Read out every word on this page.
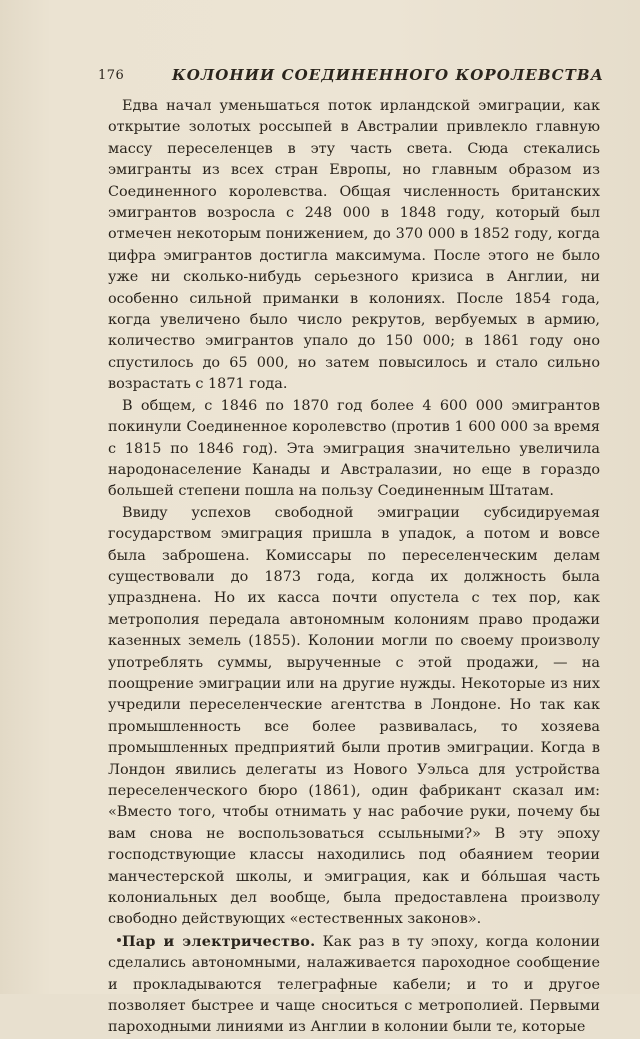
176	КОЛОНИИ СОЕДИНЕННОГО КОРОЛЕВСТВА

Едва начал уменьшаться поток ирландской эмиграции, как открытие золотых россыпей в Австралии привлекло главную массу переселенцев в эту часть света. Сюда стекались эмигранты из всех стран Европы, но главным образом из Соединенного королевства. Общая численность британских эмигрантов возросла с 248 000 в 1848 году, который был отмечен некоторым понижением, до 370 000 в 1852 году, когда цифра эмигрантов достигла максимума. После этого не было уже ни сколько-нибудь серьезного кризиса в Англии, ни особенно сильной приманки в колониях. После 1854 года, когда увеличено было число рекрутов, вербуемых в армию, количество эмигрантов упало до 150 000; в 1861 году оно спустилось до 65 000, но затем повысилось и стало сильно возрастать с 1871 года.

В общем, с 1846 по 1870 год более 4 600 000 эмигрантов покинули Соединенное королевство (против 1 600 000 за время с 1815 по 1846 год). Эта эмиграция значительно увеличила народонаселение Канады и Австралазии, но еще в гораздо большей степени пошла на пользу Соединенным Штатам.

Ввиду успехов свободной эмиграции субсидируемая государством эмиграция пришла в упадок, а потом и вовсе была заброшена. Комиссары по переселенческим делам существовали до 1873 года, когда их должность была упразднена. Но их касса почти опустела с тех пор, как метрополия передала автономным колониям право продажи казенных земель (1855). Колонии могли по своему произволу употреблять суммы, вырученные с этой продажи, — на поощрение эмиграции или на другие нужды. Некоторые из них учредили переселенческие агентства в Лондоне. Но так как промышленность все более развивалась, то хозяева промышленных предприятий были против эмиграции. Когда в Лондон явились делегаты из Нового Уэльса для устройства переселенческого бюро (1861), один фабрикант сказал им: «Вместо того, чтобы отнимать у нас рабочие руки, почему бы вам снова не воспользоваться ссыльными?» В эту эпоху господствующие классы находились под обаянием теории манчестерской школы, и эмиграция, как и бо́льшая часть колониальных дел вообще, была предоставлена произволу свободно действующих «естественных законов».

Пар и электричество. Как раз в ту эпоху, когда колонии сделались автономными, налаживается пароходное сообщение и прокладываются телеграфные кабели; и то и другое позволяет быстрее и чаще сноситься с метрополией. Первыми пароходными линиями из Англии в колонии были те, которые
